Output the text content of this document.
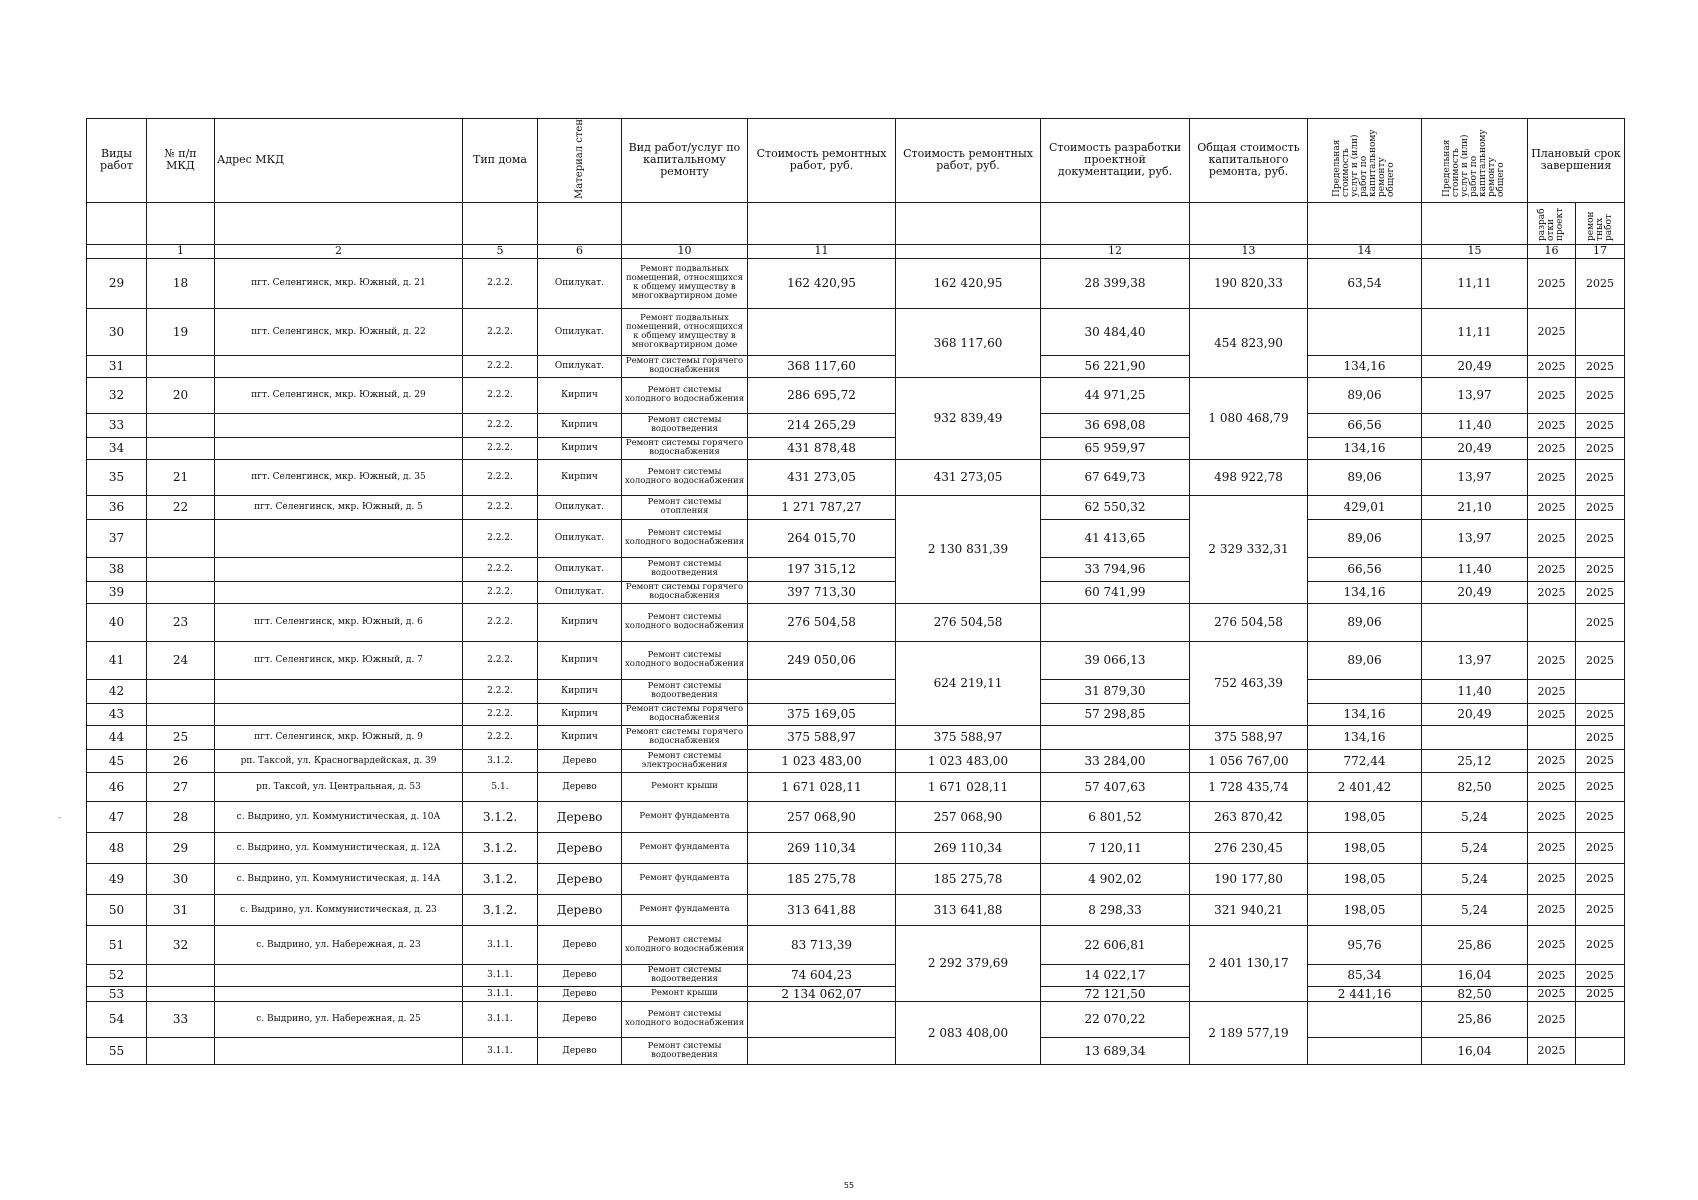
Виды работ	№ п/п МКД	Адрес МКД	Тип дома	Материал стен	Вид работ/услуг по капитальному ремонту	Стоимость ремонтных работ, руб.	Стоимость ремонтных работ, руб.	Стоимость разработки проектной документации, руб.	Общая стоимость капитального ремонта, руб.	Предельная стоимость услуг и (или) работ по капитальному ремонту общего	Предельная стоимость услуг и (или) работ по капитальному ремонту общего	Плановый срок завершения	
												разраб отки проект	ремон тных работ
	1	2	5	6	10	11		12	13	14	15	16	17
29	18	пгт. Селенгинск, мкр. Южный, д. 21	2.2.2.	Опилукат.	Ремонт подвальных помещений, относящихся к общему имуществу в многоквартирном доме	162 420,95	162 420,95	28 399,38	190 820,33	63,54	11,11	2025	2025
30	19	пгт. Селенгинск, мкр. Южный, д. 22	2.2.2.	Опилукат.	Ремонт подвальных помещений, относящихся к общему имуществу в многоквартирном доме		368 117,60	30 484,40	454 823,90		11,11	2025	
31			2.2.2.	Опилукат.	Ремонт системы горячего водоснабжения	368 117,60		56 221,90		134,16	20,49	2025	2025
32	20	пгт. Селенгинск, мкр. Южный, д. 29	2.2.2.	Кирпич	Ремонт системы холодного водоснабжения	286 695,72	932 839,49	44 971,25	1 080 468,79	89,06	13,97	2025	2025
33			2.2.2.	Кирпич	Ремонт системы водоотведения	214 265,29		36 698,08		66,56	11,40	2025	2025
34			2.2.2.	Кирпич	Ремонт системы горячего водоснабжения	431 878,48		65 959,97		134,16	20,49	2025	2025
35	21	пгт. Селенгинск, мкр. Южный, д. 35	2.2.2.	Кирпич	Ремонт системы холодного водоснабжения	431 273,05	431 273,05	67 649,73	498 922,78	89,06	13,97	2025	2025
36	22	пгт. Селенгинск, мкр. Южный, д. 5	2.2.2.	Опилукат.	Ремонт системы отопления	1 271 787,27	2 130 831,39	62 550,32	2 329 332,31	429,01	21,10	2025	2025
37			2.2.2.	Опилукат.	Ремонт системы холодного водоснабжения	264 015,70		41 413,65		89,06	13,97	2025	2025
38			2.2.2.	Опилукат.	Ремонт системы водоотведения	197 315,12		33 794,96		66,56	11,40	2025	2025
39			2.2.2.	Опилукат.	Ремонт системы горячего водоснабжения	397 713,30		60 741,99		134,16	20,49	2025	2025
40	23	пгт. Селенгинск, мкр. Южный, д. 6	2.2.2.	Кирпич	Ремонт системы холодного водоснабжения	276 504,58	276 504,58		276 504,58	89,06			2025
41	24	пгт. Селенгинск, мкр. Южный, д. 7	2.2.2.	Кирпич	Ремонт системы холодного водоснабжения	249 050,06	624 219,11	39 066,13	752 463,39	89,06	13,97	2025	2025
42			2.2.2.	Кирпич	Ремонт системы водоотведения			31 879,30			11,40	2025	
43			2.2.2.	Кирпич	Ремонт системы горячего водоснабжения	375 169,05		57 298,85		134,16	20,49	2025	2025
44	25	пгт. Селенгинск, мкр. Южный, д. 9	2.2.2.	Кирпич	Ремонт системы горячего водоснабжения	375 588,97	375 588,97		375 588,97	134,16			2025
45	26	рп. Таксой, ул. Красногвардейская, д. 39	3.1.2.	Дерево	Ремонт системы электроснабжения	1 023 483,00	1 023 483,00	33 284,00	1 056 767,00	772,44	25,12	2025	2025
46	27	рп. Таксой, ул. Центральная, д. 53	5.1.	Дерево	Ремонт крыши	1 671 028,11	1 671 028,11	57 407,63	1 728 435,74	2 401,42	82,50	2025	2025
47	28	с. Выдрино, ул. Коммунистическая, д. 10А	3.1.2.	Дерево	Ремонт фундамента	257 068,90	257 068,90	6 801,52	263 870,42	198,05	5,24	2025	2025
48	29	с. Выдрино, ул. Коммунистическая, д. 12А	3.1.2.	Дерево	Ремонт фундамента	269 110,34	269 110,34	7 120,11	276 230,45	198,05	5,24	2025	2025
49	30	с. Выдрино, ул. Коммунистическая, д. 14А	3.1.2.	Дерево	Ремонт фундамента	185 275,78	185 275,78	4 902,02	190 177,80	198,05	5,24	2025	2025
50	31	с. Выдрино, ул. Коммунистическая, д. 23	3.1.2.	Дерево	Ремонт фундамента	313 641,88	313 641,88	8 298,33	321 940,21	198,05	5,24	2025	2025
51	32	с. Выдрино, ул. Набережная, д. 23	3.1.1.	Дерево	Ремонт системы холодного водоснабжения	83 713,39	2 292 379,69	22 606,81	2 401 130,17	95,76	25,86	2025	2025
52			3.1.1.	Дерево	Ремонт системы водоотведения	74 604,23		14 022,17		85,34	16,04	2025	2025
53			3.1.1.	Дерево	Ремонт крыши	2 134 062,07		72 121,50		2 441,16	82,50	2025	2025
54	33	с. Выдрино, ул. Набережная, д. 25	3.1.1.	Дерево	Ремонт системы холодного водоснабжения		2 083 408,00	22 070,22	2 189 577,19		25,86	2025	
55			3.1.1.	Дерево	Ремонт системы водоотведения			13 689,34			16,04	2025	
-
55
